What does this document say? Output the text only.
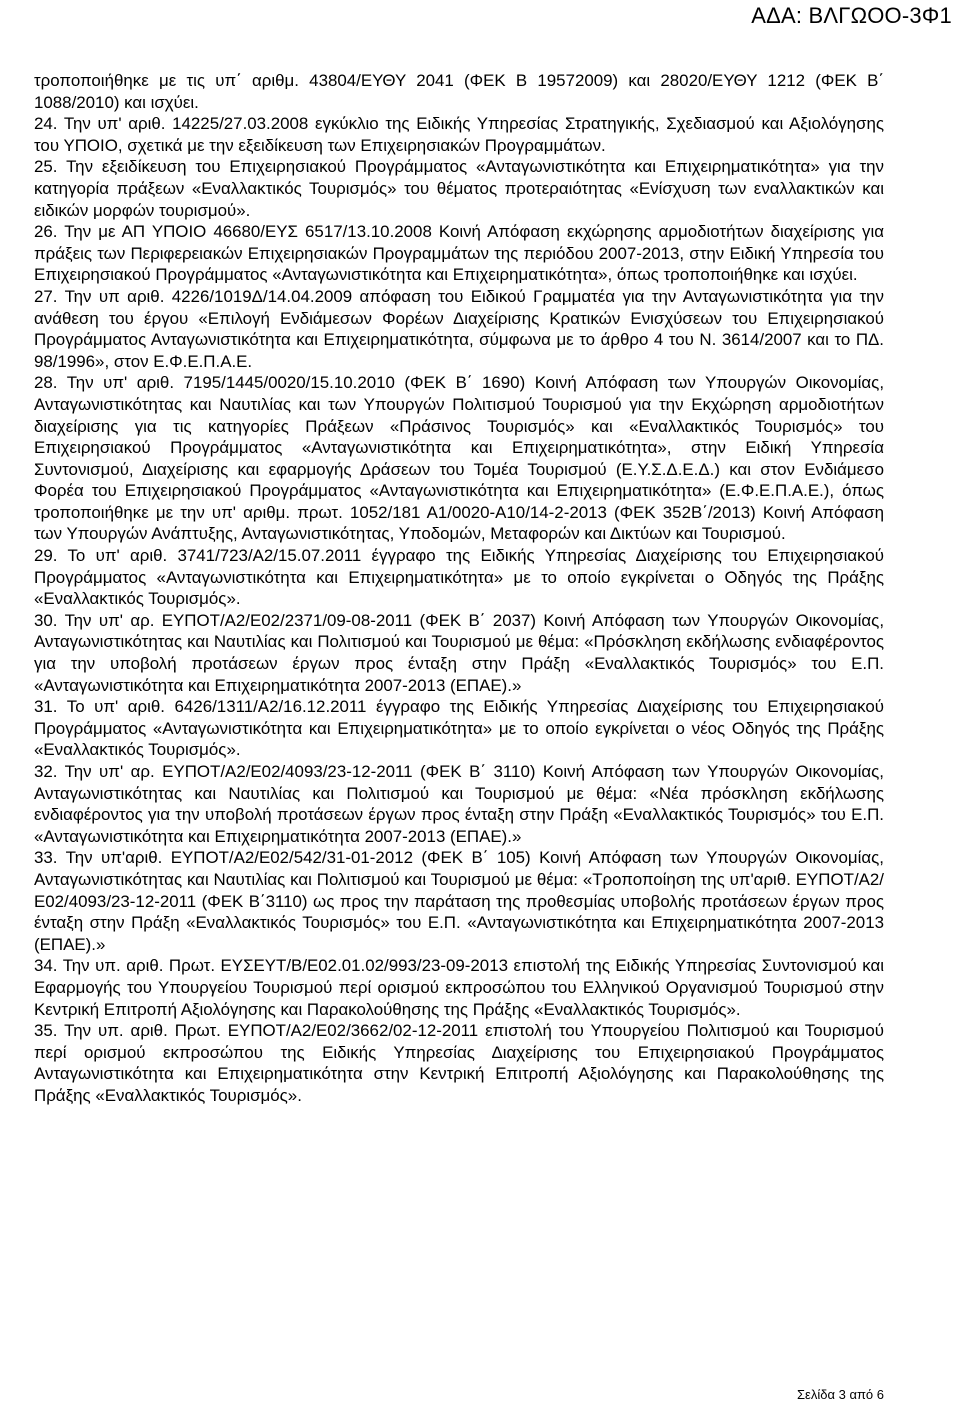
ΑΔΑ: ΒΛΓΩΟΟ-3Φ1

τροποποιήθηκε με τις υπ΄ αριθμ. 43804/ΕΥΘΥ 2041 (ΦΕΚ Β 19572009) και 28020/ΕΥΘΥ 1212 (ΦΕΚ Β΄ 1088/2010) και ισχύει.

24. Την υπ' αριθ. 14225/27.03.2008 εγκύκλιο της Ειδικής Υπηρεσίας Στρατηγικής, Σχεδιασμού και Αξιολόγησης του ΥΠΟΙΟ, σχετικά με την εξειδίκευση των Επιχειρησιακών Προγραμμάτων.

25. Την εξειδίκευση του Επιχειρησιακού Προγράμματος «Ανταγωνιστικότητα και Επιχειρηματικότητα» για την κατηγορία πράξεων «Εναλλακτικός Τουρισμός» του θέματος προτεραιότητας «Ενίσχυση των εναλλακτικών και ειδικών μορφών τουρισμού».

26. Την με ΑΠ ΥΠΟΙΟ 46680/ΕΥΣ 6517/13.10.2008 Κοινή Απόφαση εκχώρησης αρμοδιοτήτων διαχείρισης για πράξεις των Περιφερειακών Επιχειρησιακών Προγραμμάτων της περιόδου 2007-2013, στην Ειδική Υπηρεσία του Επιχειρησιακού Προγράμματος «Ανταγωνιστικότητα και Επιχειρηματικότητα», όπως τροποποιήθηκε και ισχύει.

27. Την υπ αριθ. 4226/1019Δ/14.04.2009 απόφαση του Ειδικού Γραμματέα για την Ανταγωνιστικότητα για την ανάθεση του έργου «Επιλογή Ενδιάμεσων Φορέων Διαχείρισης Κρατικών Ενισχύσεων του Επιχειρησιακού Προγράμματος Ανταγωνιστικότητα και Επιχειρηματικότητα, σύμφωνα με το άρθρο 4 του Ν. 3614/2007 και το ΠΔ. 98/1996», στον Ε.Φ.Ε.Π.Α.Ε.

28. Την υπ' αριθ. 7195/1445/0020/15.10.2010 (ΦΕΚ Β΄ 1690) Κοινή Απόφαση των Υπουργών Οικονομίας, Ανταγωνιστικότητας και Ναυτιλίας και των Υπουργών Πολιτισμού Τουρισμού για την Εκχώρηση αρμοδιοτήτων διαχείρισης για τις κατηγορίες Πράξεων «Πράσινος Τουρισμός» και «Εναλλακτικός Τουρισμός» του Επιχειρησιακού Προγράμματος «Ανταγωνιστικότητα και Επιχειρηματικότητα», στην Ειδική Υπηρεσία Συντονισμού, Διαχείρισης και εφαρμογής Δράσεων του Τομέα Τουρισμού (Ε.Υ.Σ.Δ.Ε.Δ.) και στον Ενδιάμεσο Φορέα του Επιχειρησιακού Προγράμματος «Ανταγωνιστικότητα και Επιχειρηματικότητα» (Ε.Φ.Ε.Π.Α.Ε.), όπως τροποποιήθηκε με την υπ' αριθμ. πρωτ. 1052/181 Α1/0020-Α10/14-2-2013 (ΦΕΚ 352Β΄/2013) Κοινή Απόφαση των Υπουργών Ανάπτυξης, Ανταγωνιστικότητας, Υποδομών, Μεταφορών και Δικτύων και Τουρισμού.

29. Το υπ' αριθ. 3741/723/Α2/15.07.2011 έγγραφο της Ειδικής Υπηρεσίας Διαχείρισης του Επιχειρησιακού Προγράμματος «Ανταγωνιστικότητα και Επιχειρηματικότητα» με το οποίο εγκρίνεται ο Οδηγός της Πράξης «Εναλλακτικός Τουρισμός».

30. Την υπ' αρ. ΕΥΠΟΤ/Α2/Ε02/2371/09-08-2011 (ΦΕΚ Β΄ 2037) Κοινή Απόφαση των Υπουργών Οικονομίας, Ανταγωνιστικότητας και Ναυτιλίας και Πολιτισμού και Τουρισμού με θέμα: «Πρόσκληση εκδήλωσης ενδιαφέροντος για την υποβολή προτάσεων έργων προς ένταξη στην Πράξη «Εναλλακτικός Τουρισμός» του Ε.Π. «Ανταγωνιστικότητα και Επιχειρηματικότητα 2007-2013 (ΕΠΑΕ).»

31. Το υπ' αριθ. 6426/1311/Α2/16.12.2011 έγγραφο της Ειδικής Υπηρεσίας Διαχείρισης του Επιχειρησιακού Προγράμματος «Ανταγωνιστικότητα και Επιχειρηματικότητα» με το οποίο εγκρίνεται ο νέος Οδηγός της Πράξης «Εναλλακτικός Τουρισμός».

32. Την υπ' αρ. ΕΥΠΟΤ/Α2/Ε02/4093/23-12-2011 (ΦΕΚ Β΄ 3110) Κοινή Απόφαση των Υπουργών Οικονομίας, Ανταγωνιστικότητας και Ναυτιλίας και Πολιτισμού και Τουρισμού με θέμα: «Νέα πρόσκληση εκδήλωσης ενδιαφέροντος για την υποβολή προτάσεων έργων προς ένταξη στην Πράξη «Εναλλακτικός Τουρισμός» του Ε.Π. «Ανταγωνιστικότητα και Επιχειρηματικότητα 2007-2013 (ΕΠΑΕ).»

33. Την υπ'αριθ. ΕΥΠΟΤ/Α2/Ε02/542/31-01-2012 (ΦΕΚ Β΄ 105) Κοινή Απόφαση των Υπουργών Οικονομίας, Ανταγωνιστικότητας και Ναυτιλίας και Πολιτισμού και Τουρισμού με θέμα: «Τροποποίηση της υπ'αριθ. ΕΥΠΟΤ/Α2/Ε02/4093/23-12-2011 (ΦΕΚ Β΄3110) ως προς την παράταση της προθεσμίας υποβολής προτάσεων έργων προς ένταξη στην Πράξη «Εναλλακτικός Τουρισμός» του Ε.Π. «Ανταγωνιστικότητα και Επιχειρηματικότητα 2007-2013 (ΕΠΑΕ).»

34. Την υπ. αριθ. Πρωτ. ΕΥΣΕΥΤ/Β/Ε02.01.02/993/23-09-2013 επιστολή της Ειδικής Υπηρεσίας Συντονισμού και Εφαρμογής του Υπουργείου Τουρισμού περί ορισμού εκπροσώπου του Ελληνικού Οργανισμού Τουρισμού στην Κεντρική Επιτροπή Αξιολόγησης και Παρακολούθησης της Πράξης «Εναλλακτικός Τουρισμός».

35. Την υπ. αριθ. Πρωτ. ΕΥΠΟΤ/Α2/Ε02/3662/02-12-2011 επιστολή του Υπουργείου Πολιτισμού και Τουρισμού περί ορισμού εκπροσώπου της Ειδικής Υπηρεσίας Διαχείρισης του Επιχειρησιακού Προγράμματος Ανταγωνιστικότητα και Επιχειρηματικότητα στην Κεντρική Επιτροπή Αξιολόγησης και Παρακολούθησης της Πράξης «Εναλλακτικός Τουρισμός».

Σελίδα 3 από 6
